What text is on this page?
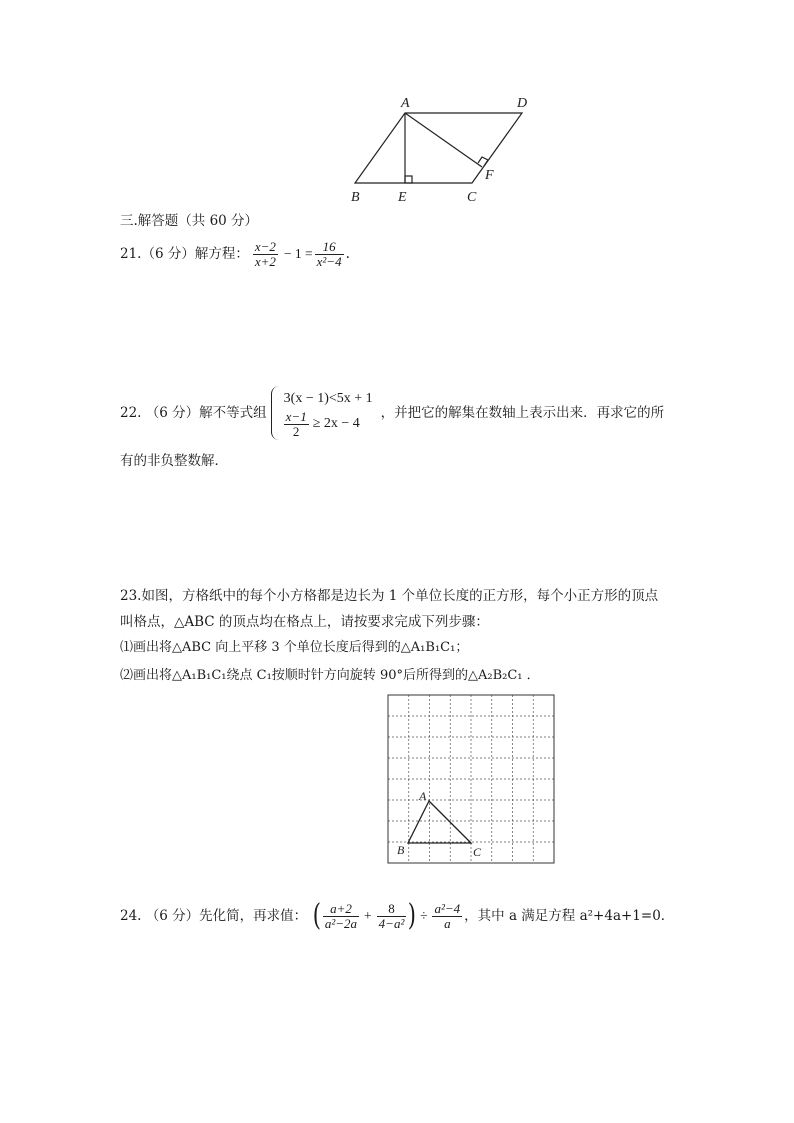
A	D
B	E	C
F
三.解答题（共 60 分）
21.（6 分）解方程： $\frac{x-2}{x+2} - 1 = \frac{16}{\text{x²−4}}$ .
22. （6 分）解不等式组
3(x − 1)<5x + 1
$\frac{x-1}{2} \ge 2x - 4$
，并把它的解集在数轴上表示出来．再求它的所
有的非负整数解．
23.如图，方格纸中的每个小方格都是边长为 1 个单位长度的正方形，每个小正方形的顶点
叫格点，△ABC 的顶点均在格点上，请按要求完成下列步骤：
⑴画出将△ABC 向上平移 3 个单位长度后得到的△A₁B₁C₁；
⑵画出将△A₁B₁C₁绕点 C₁按顺时针方向旋转 90°后所得到的△A₂B₂C₁ ．
A
B	C
24. （6 分）先化简，再求值： ( $\frac{a+2}{\text{a²−2a}} + \frac{8}{\text{4−a²}}$ ) ÷ $\frac{\text{a²−4}}{a}$ ，其中 a 满足方程 a²+4a+1=0．
